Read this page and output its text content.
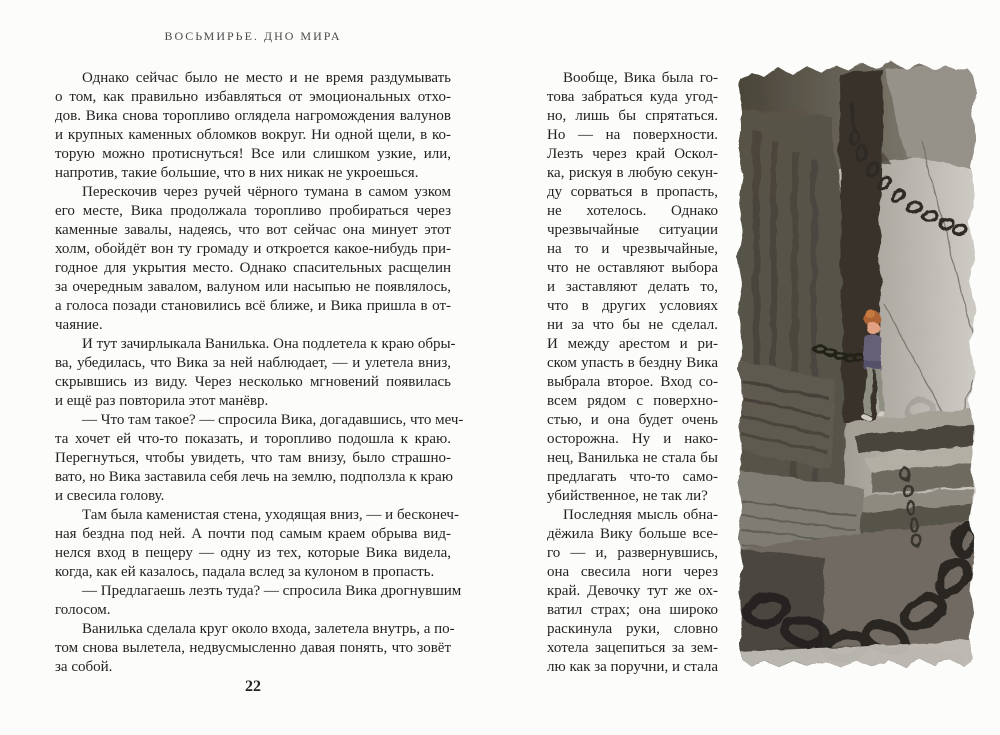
ВОСЬМИРЬЕ. ДНО МИРА
Однако сейчас было не место и не время раздумывать
о том, как правильно избавляться от эмоциональных отхо-
дов. Вика снова торопливо оглядела нагромождения валунов
и крупных каменных обломков вокруг. Ни одной щели, в ко-
торую можно протиснуться! Все или слишком узкие, или,
напротив, такие большие, что в них никак не укроешься.
Перескочив через ручей чёрного тумана в самом узком
его месте, Вика продолжала торопливо пробираться через
каменные завалы, надеясь, что вот сейчас она минует этот
холм, обойдёт вон ту громаду и откроется какое-нибудь при-
годное для укрытия место. Однако спасительных расщелин
за очередным завалом, валуном или насыпью не появлялось,
а голоса позади становились всё ближе, и Вика пришла в от-
чаяние.
И тут зачирлыкала Ванилька. Она подлетела к краю обры-
ва, убедилась, что Вика за ней наблюдает, — и улетела вниз,
скрывшись из виду. Через несколько мгновений появилась
и ещё раз повторила этот манёвр.
— Что там такое? — спросила Вика, догадавшись, что меч-
та хочет ей что-то показать, и торопливо подошла к краю.
Перегнуться, чтобы увидеть, что там внизу, было страшно-
вато, но Вика заставила себя лечь на землю, подползла к краю
и свесила голову.
Там была каменистая стена, уходящая вниз, — и бесконеч-
ная бездна под ней. А почти под самым краем обрыва вид-
нелся вход в пещеру — одну из тех, которые Вика видела,
когда, как ей казалось, падала вслед за кулоном в пропасть.
— Предлагаешь лезть туда? — спросила Вика дрогнувшим
голосом.
Ванилька сделала круг около входа, залетела внутрь, а по-
том снова вылетела, недвусмысленно давая понять, что зовёт
за собой.
Вообще, Вика была го-
това забраться куда угод-
но, лишь бы спрятаться.
Но — на поверхности.
Лезть через край Оскол-
ка, рискуя в любую секун-
ду сорваться в пропасть,
не хотелось. Однако
чрезвычайные ситуации
на то и чрезвычайные,
что не оставляют выбора
и заставляют делать то,
что в других условиях
ни за что бы не сделал.
И между арестом и ри-
ском упасть в бездну Вика
выбрала второе. Вход со-
всем рядом с поверхно-
стью, и она будет очень
осторожна. Ну и нако-
нец, Ванилька не стала бы
предлагать что-то само-
убийственное, не так ли?
Последняя мысль обна-
дёжила Вику больше все-
го — и, развернувшись,
она свесила ноги через
край. Девочку тут же ох-
ватил страх; она широко
раскинула руки, словно
хотела зацепиться за зем-
лю как за поручни, и стала
22
